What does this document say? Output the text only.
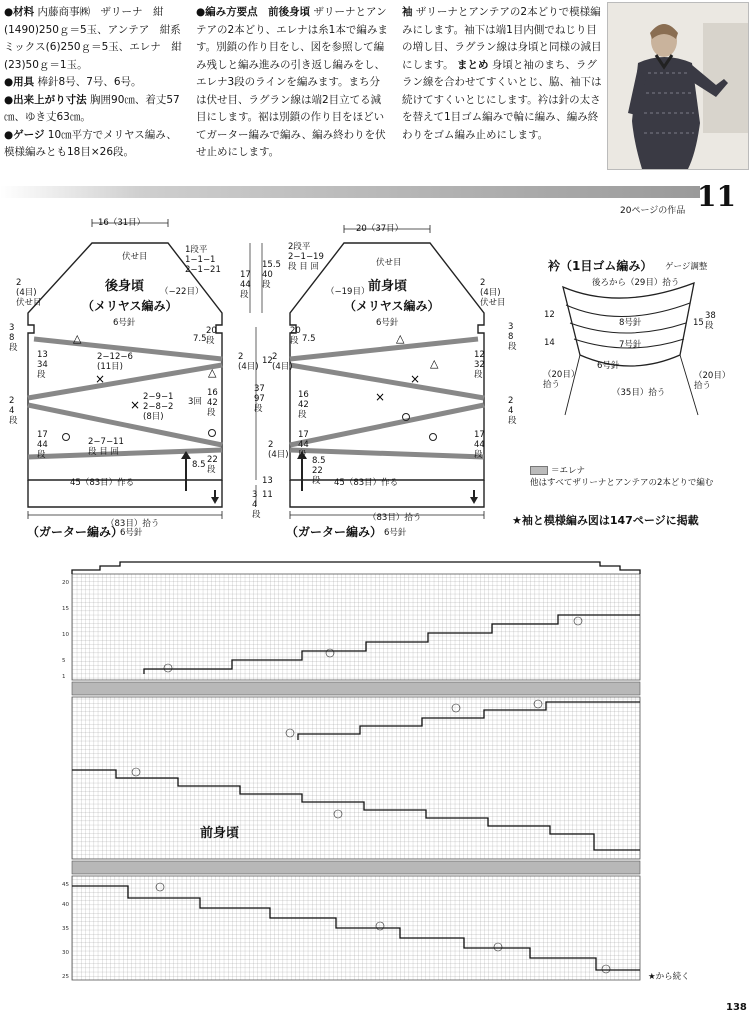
●材料 内藤商事㈱　ザリーナ　紺(1490)250ｇ＝5玉、アンテア　紺系ミックス(6)250ｇ＝5玉、エレナ　紺(23)50ｇ＝1玉。

●用具 棒針8号、7号、6号。

●出来上がり寸法 胸囲90㎝、着丈57㎝、ゆき丈63㎝。

●ゲージ 10㎝平方でメリヤス編み、模様編みとも18目×26段。

●編み方要点　前後身頃 ザリーナとアンテアの2本どり、エレナは糸1本で編みます。別鎖の作り目をし、図を参照して編み残しと編み進みの引き返し編みをし、エレナ3段のラインを編みます。まち分は伏せ目、ラグラン線は端2目立てる減目にします。裾は別鎖の作り目をほどいてガーター編みで編み、編み終わりを伏せ止めにします。

袖 ザリーナとアンテアの2本どりで模様編みにします。袖下は端1目内側でねじり目の増し目、ラグラン線は身頃と同様の減目にします。 まとめ 身頃と袖のまち、ラグラン線を合わせてすくいとじ、脇、袖下は続けてすくいとじにします。衿は針の太さを替えて1目ゴム編みで輪に編み、編み終わりをゴム編み止めにします。

11
20ページの作品
△
×
×
△
△
×
×
△
後身頃
（メリヤス編み）
6号針
16（31目）
伏せ目
1段平
1−1−1
2−1−21 17
44
段
（−22目）
2
(4目)
伏せ目
7.5
20
段
3
8
段
13
34
段
2
4
段
17
44
段
2
(4目)
16
42
段
8.5 22
段
2−12−6
(11目)
2−9−1
2−8−2
(8目)
3回
2−7−11
段 目 回
45（83目）作る
（83目）拾う
（ガーター編み）
6号針
15.5
40
段
12
37
97
段
2
(4目)
13
3
4
段
11
前身頃
（メリヤス編み）
6号針
20（37目）
伏せ目
2段平
2−1−19
段 目 回
（−19目）
2
(4目)
伏せ目
3
8
段
12
32
段
2
4
段
17
44
段
2
(4目)
16
42
段
17
44
段
8.5
22
段
7.5
20
段
45（83目）作る
（83目）拾う
（ガーター編み） 6号針
衿（1目ゴム編み） ゲージ調整
後ろから（29目）拾う
8号針
7号針
6号針
12
14
15
38
段
（20目）
拾う
（20目）
拾う
（35目）拾う
＝エレナ
他はすべてザリーナとアンテアの2本どりで編む
★袖と模様編み図は147ページに掲載
20
15
10
5
1
45
40
35
30
25
前身頃
★から続く
138
